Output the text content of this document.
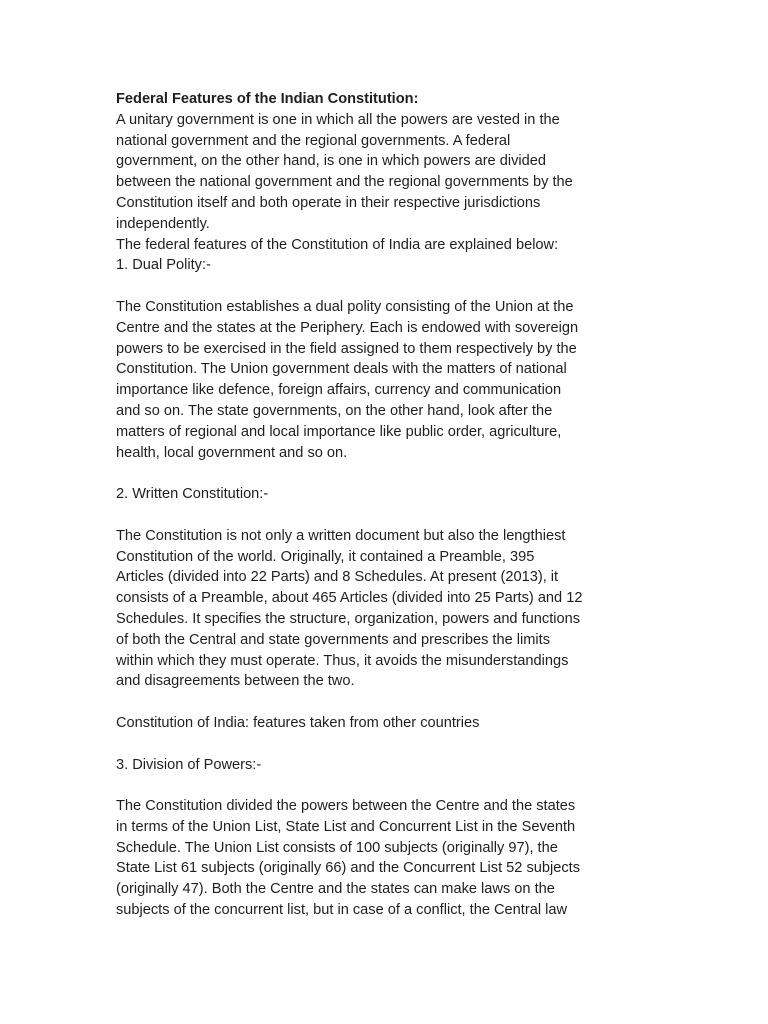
Federal Features of the Indian Constitution:
A unitary government is one in which all the powers are vested in the
national government and the regional governments. A federal
government, on the other hand, is one in which powers are divided
between the national government and the regional governments by the
Constitution itself and both operate in their respective jurisdictions
independently.
The federal features of the Constitution of India are explained below:
1. Dual Polity:-
The Constitution establishes a dual polity consisting of the Union at the
Centre and the states at the Periphery. Each is endowed with sovereign
powers to be exercised in the field assigned to them respectively by the
Constitution. The Union government deals with the matters of national
importance like defence, foreign affairs, currency and communication
and so on. The state governments, on the other hand, look after the
matters of regional and local importance like public order, agriculture,
health, local government and so on.
2. Written Constitution:-
The Constitution is not only a written document but also the lengthiest
Constitution of the world. Originally, it contained a Preamble, 395
Articles (divided into 22 Parts) and 8 Schedules. At present (2013), it
consists of a Preamble, about 465 Articles (divided into 25 Parts) and 12
Schedules. It specifies the structure, organization, powers and functions
of both the Central and state governments and prescribes the limits
within which they must operate. Thus, it avoids the misunderstandings
and disagreements between the two.
Constitution of India: features taken from other countries
3. Division of Powers:-
The Constitution divided the powers between the Centre and the states
in terms of the Union List, State List and Concurrent List in the Seventh
Schedule. The Union List consists of 100 subjects (originally 97), the
State List 61 subjects (originally 66) and the Concurrent List 52 subjects
(originally 47). Both the Centre and the states can make laws on the
subjects of the concurrent list, but in case of a conflict, the Central law
